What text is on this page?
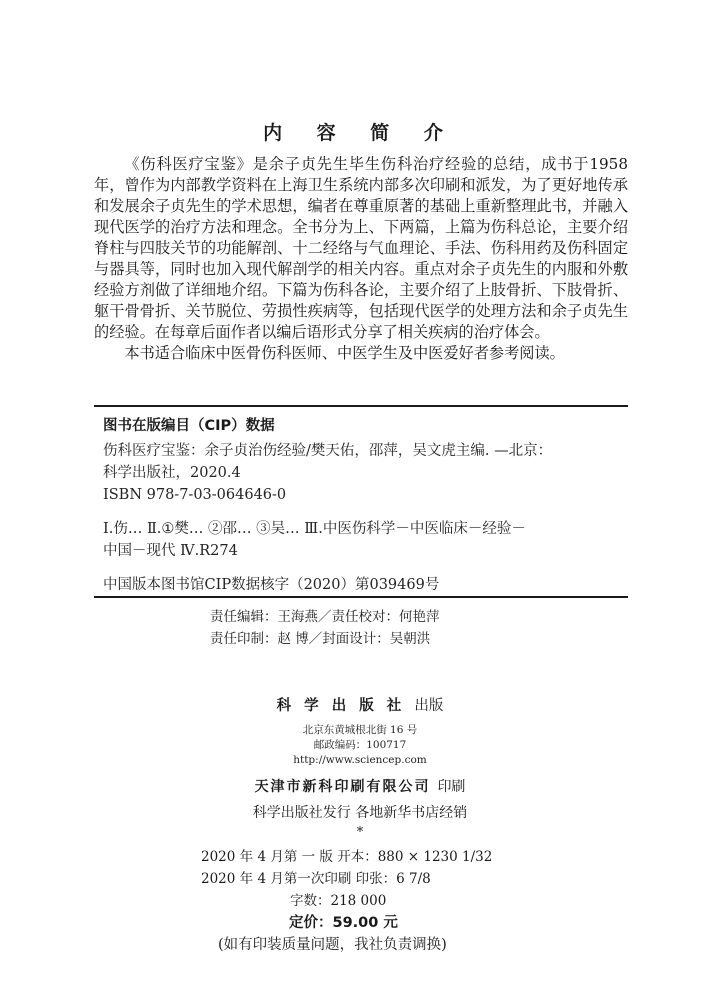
内 容 简 介

《伤科医疗宝鉴》是余子贞先生毕生伤科治疗经验的总结，成书于1958年，曾作为内部教学资料在上海卫生系统内部多次印刷和派发，为了更好地传承和发展余子贞先生的学术思想，编者在尊重原著的基础上重新整理此书，并融入现代医学的治疗方法和理念。全书分为上、下两篇，上篇为伤科总论，主要介绍脊柱与四肢关节的功能解剖、十二经络与气血理论、手法、伤科用药及伤科固定与器具等，同时也加入现代解剖学的相关内容。重点对余子贞先生的内服和外敷经验方剂做了详细地介绍。下篇为伤科各论，主要介绍了上肢骨折、下肢骨折、躯干骨骨折、关节脱位、劳损性疾病等，包括现代医学的处理方法和余子贞先生的经验。在每章后面作者以编后语形式分享了相关疾病的治疗体会。

本书适合临床中医骨伤科医师、中医学生及中医爱好者参考阅读。

图书在版编目（CIP）数据
伤科医疗宝鉴：余子贞治伤经验/樊天佑，邵萍，吴文虎主编. —北京：
科学出版社，2020.4
ISBN 978-7-03-064646-0
Ⅰ.伤… Ⅱ.①樊… ②邵… ③吴… Ⅲ.中医伤科学－中医临床－经验－
中国－现代 Ⅳ.R274
中国版本图书馆CIP数据核字（2020）第039469号
责任编辑：王海燕／责任校对：何艳萍
责任印制：赵 博／封面设计：吴朝洪
科 学 出 版 社 出版
北京东黄城根北街 16 号
邮政编码：100717
http://www.sciencep.com
天津市新科印刷有限公司 印刷
科学出版社发行 各地新华书店经销
*
2020 年 4 月第 一 版 开本：880 × 1230 1/32
2020 年 4 月第一次印刷 印张：6 7/8
字数：218 000
定价：59.00 元
(如有印装质量问题，我社负责调换)
